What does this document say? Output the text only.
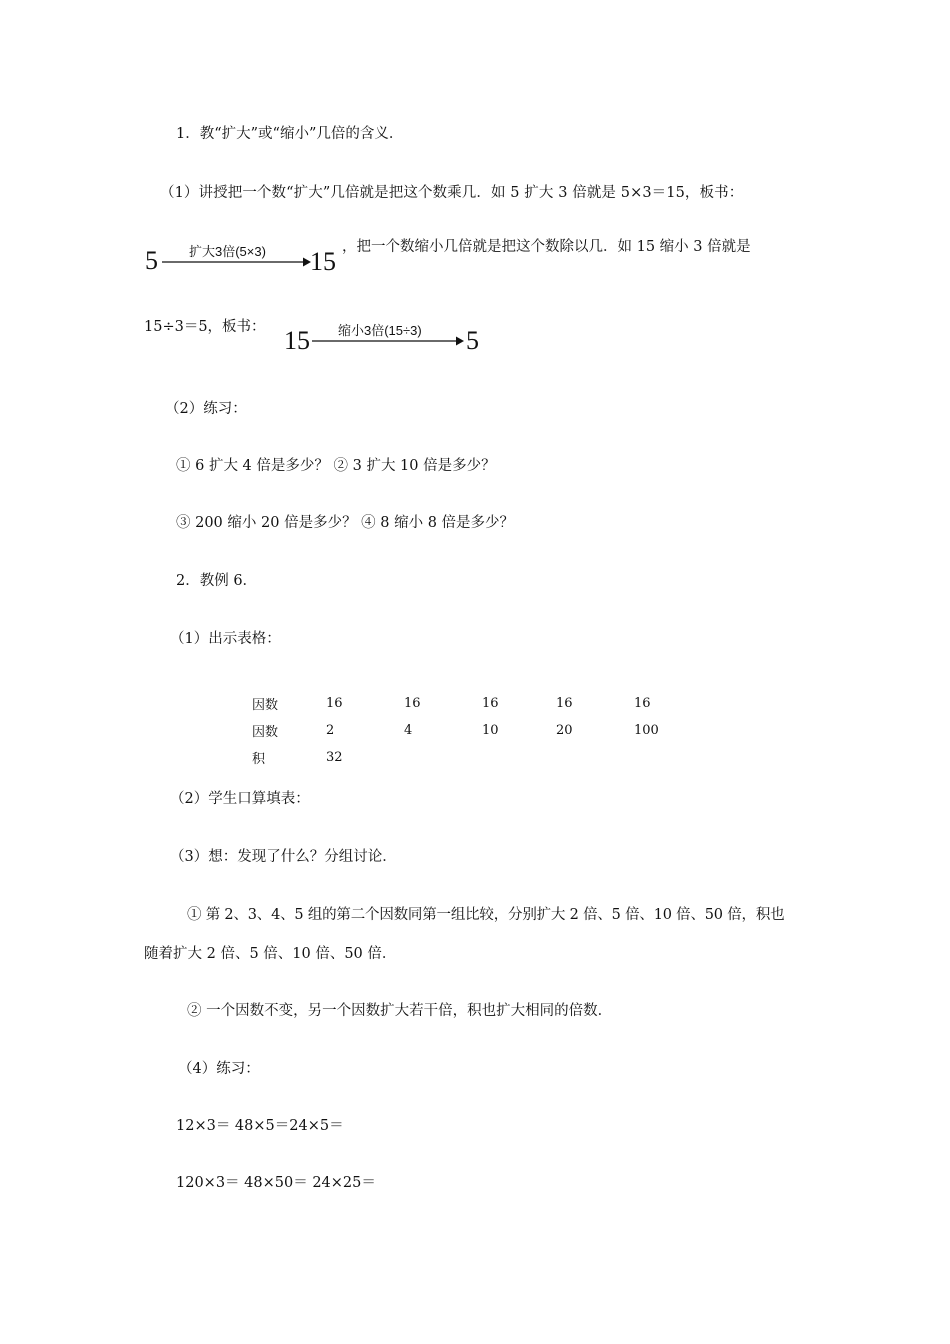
1．教“扩大”或“缩小”几倍的含义．
（1）讲授把一个数“扩大”几倍就是把这个数乘几．如 5 扩大 3 倍就是 5×3＝15，板书：
5 扩大3倍(5×3) 15 ，把一个数缩小几倍就是把这个数除以几．如 15 缩小 3 倍就是
15÷3＝5，板书： 15 缩小3倍(15÷3) 5
（2）练习：
① 6 扩大 4 倍是多少？ ② 3 扩大 10 倍是多少？
③ 200 缩小 20 倍是多少？ ④ 8 缩小 8 倍是多少？
2．教例 6．
（1）出示表格：
因数	16	16	16	16	16
因数	2	4	10	20	100
积	32				
（2）学生口算填表：
（3）想：发现了什么？分组讨论．
① 第 2、3、4、5 组的第二个因数同第一组比较，分别扩大 2 倍、5 倍、10 倍、50 倍，积也
随着扩大 2 倍、5 倍、10 倍、50 倍．
② 一个因数不变，另一个因数扩大若干倍，积也扩大相同的倍数．
（4）练习：
12×3＝ 48×5＝24×5＝
120×3＝ 48×50＝ 24×25＝
